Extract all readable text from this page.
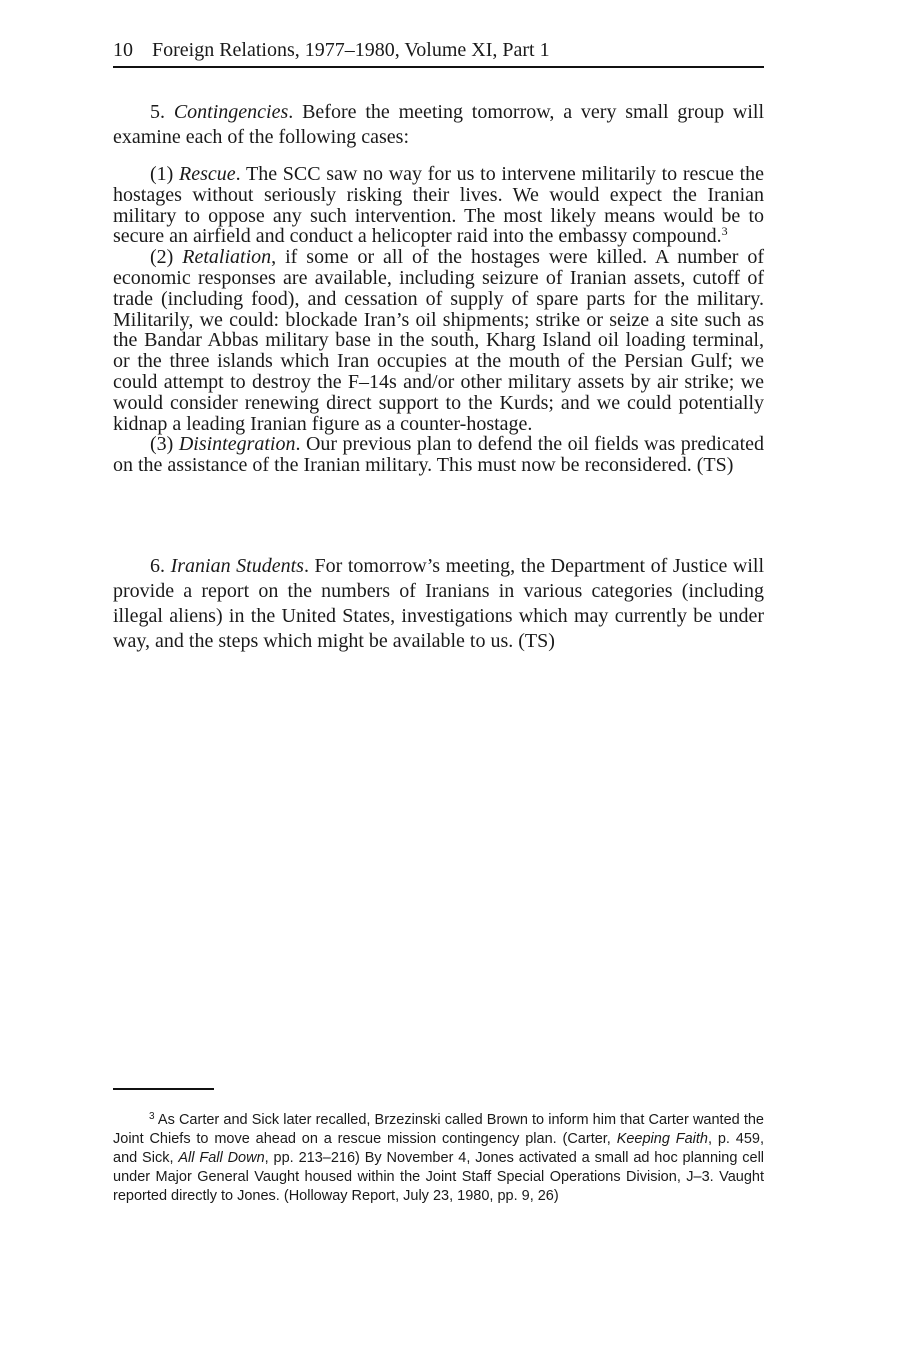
10 Foreign Relations, 1977–1980, Volume XI, Part 1

5. Contingencies. Before the meeting tomorrow, a very small group will examine each of the following cases:

(1) Rescue. The SCC saw no way for us to intervene militarily to rescue the hostages without seriously risking their lives. We would expect the Iranian military to oppose any such intervention. The most likely means would be to secure an airfield and conduct a helicopter raid into the embassy compound.$^3$

(2) Retaliation, if some or all of the hostages were killed. A number of economic responses are available, including seizure of Iranian assets, cutoff of trade (including food), and cessation of supply of spare parts for the military. Militarily, we could: blockade Iran’s oil shipments; strike or seize a site such as the Bandar Abbas military base in the south, Kharg Island oil loading terminal, or the three islands which Iran occupies at the mouth of the Persian Gulf; we could attempt to destroy the F–14s and/or other military assets by air strike; we would consider renewing direct support to the Kurds; and we could potentially kidnap a leading Iranian figure as a counter-hostage.

(3) Disintegration. Our previous plan to defend the oil fields was predicated on the assistance of the Iranian military. This must now be reconsidered. (TS)

6. Iranian Students. For tomorrow’s meeting, the Department of Justice will provide a report on the numbers of Iranians in various categories (including illegal aliens) in the United States, investigations which may currently be under way, and the steps which might be available to us. (TS)

$^3$ As Carter and Sick later recalled, Brzezinski called Brown to inform him that Carter wanted the Joint Chiefs to move ahead on a rescue mission contingency plan. (Carter, Keeping Faith, p. 459, and Sick, All Fall Down, pp. 213–216) By November 4, Jones activated a small ad hoc planning cell under Major General Vaught housed within the Joint Staff Special Operations Division, J–3. Vaught reported directly to Jones. (Holloway Report, July 23, 1980, pp. 9, 26)
